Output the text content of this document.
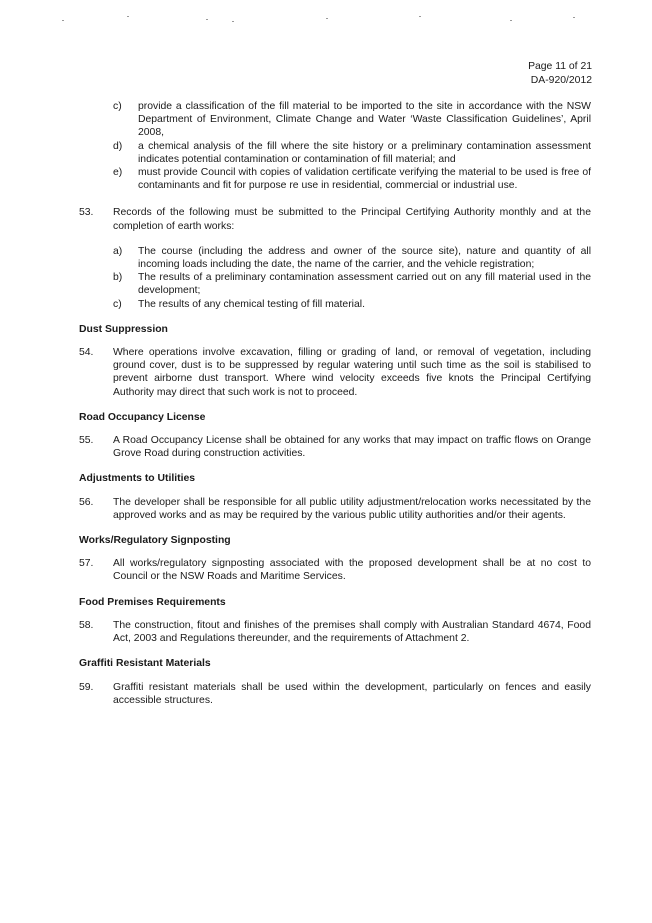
Page 11 of 21
DA-920/2012
c) provide a classification of the fill material to be imported to the site in accordance with the NSW Department of Environment, Climate Change and Water ‘Waste Classification Guidelines’, April 2008,
d) a chemical analysis of the fill where the site history or a preliminary contamination assessment indicates potential contamination or contamination of fill material; and
e) must provide Council with copies of validation certificate verifying the material to be used is free of contaminants and fit for purpose re use in residential, commercial or industrial use.
53. Records of the following must be submitted to the Principal Certifying Authority monthly and at the completion of earth works:
a) The course (including the address and owner of the source site), nature and quantity of all incoming loads including the date, the name of the carrier, and the vehicle registration;
b) The results of a preliminary contamination assessment carried out on any fill material used in the development;
c) The results of any chemical testing of fill material.
Dust Suppression
54. Where operations involve excavation, filling or grading of land, or removal of vegetation, including ground cover, dust is to be suppressed by regular watering until such time as the soil is stabilised to prevent airborne dust transport. Where wind velocity exceeds five knots the Principal Certifying Authority may direct that such work is not to proceed.
Road Occupancy License
55. A Road Occupancy License shall be obtained for any works that may impact on traffic flows on Orange Grove Road during construction activities.
Adjustments to Utilities
56. The developer shall be responsible for all public utility adjustment/relocation works necessitated by the approved works and as may be required by the various public utility authorities and/or their agents.
Works/Regulatory Signposting
57. All works/regulatory signposting associated with the proposed development shall be at no cost to Council or the NSW Roads and Maritime Services.
Food Premises Requirements
58. The construction, fitout and finishes of the premises shall comply with Australian Standard 4674, Food Act, 2003 and Regulations thereunder, and the requirements of Attachment 2.
Graffiti Resistant Materials
59. Graffiti resistant materials shall be used within the development, particularly on fences and easily accessible structures.
